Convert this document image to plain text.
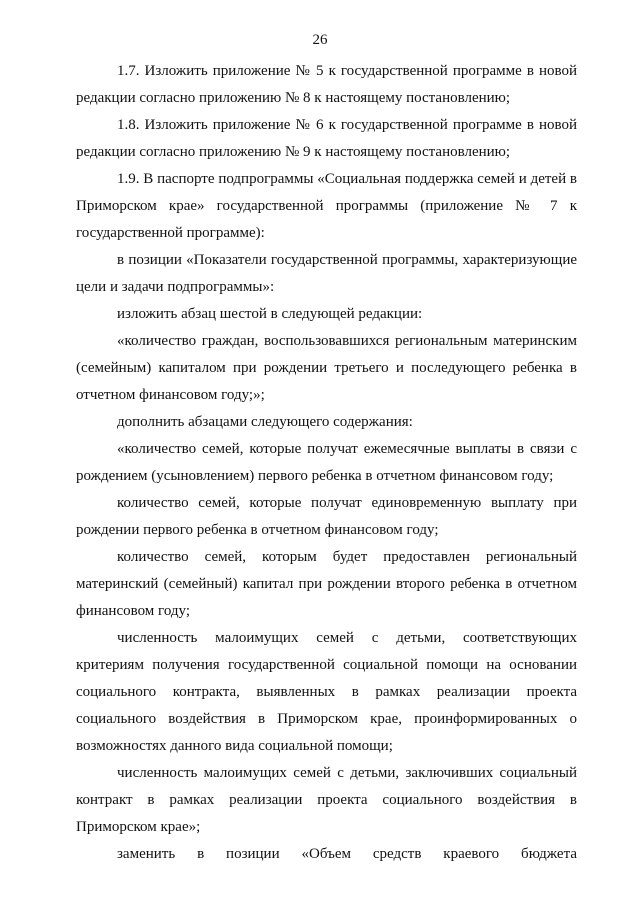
26

1.7. Изложить приложение № 5 к государственной программе в новой редакции согласно приложению № 8 к настоящему постановлению;

1.8. Изложить приложение № 6 к государственной программе в новой редакции согласно приложению № 9 к настоящему постановлению;

1.9. В паспорте подпрограммы «Социальная поддержка семей и детей в Приморском крае» государственной программы (приложение № 7 к государственной программе):

в позиции «Показатели государственной программы, характеризующие цели и задачи подпрограммы»:

изложить абзац шестой в следующей редакции:

«количество граждан, воспользовавшихся региональным материнским (семейным) капиталом при рождении третьего и последующего ребенка в отчетном финансовом году;»;

дополнить абзацами следующего содержания:

«количество семей, которые получат ежемесячные выплаты в связи с рождением (усыновлением) первого ребенка в отчетном финансовом году;

количество семей, которые получат единовременную выплату при рождении первого ребенка в отчетном финансовом году;

количество семей, которым будет предоставлен региональный материнский (семейный) капитал при рождении второго ребенка в отчетном финансовом году;

численность малоимущих семей с детьми, соответствующих критериям получения государственной социальной помощи на основании социального контракта, выявленных в рамках реализации проекта социального воздействия в Приморском крае, проинформированных о возможностях данного вида социальной помощи;

численность малоимущих семей с детьми, заключивших социальный контракт в рамках реализации проекта социального воздействия в Приморском крае»;

заменить в позиции «Объем средств краевого бюджета
